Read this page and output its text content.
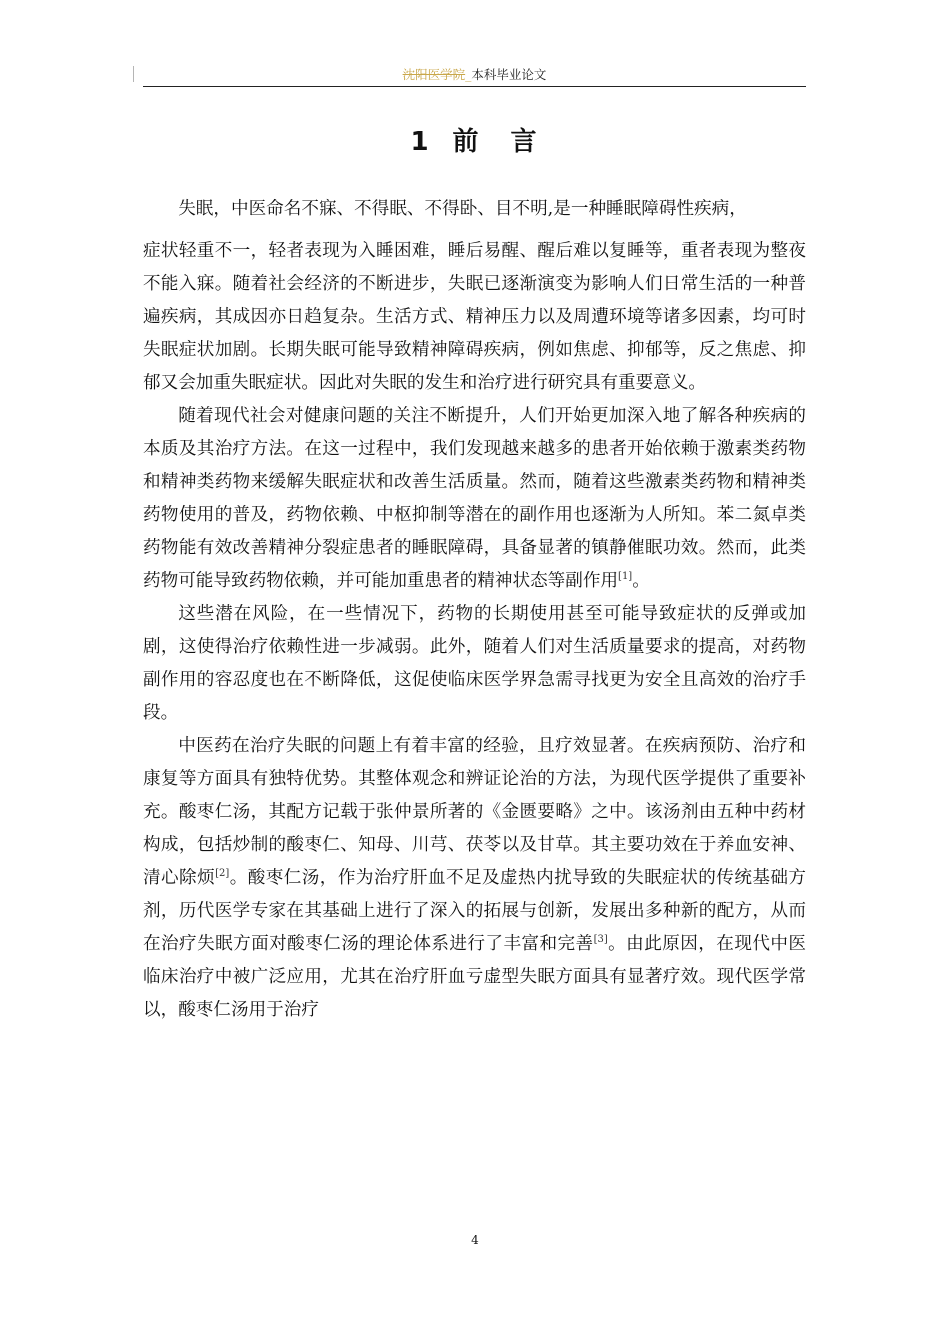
沈阳医学院_本科毕业论文
1 前 言

失眠，中医命名不寐、不得眠、不得卧、目不明,是一种睡眠障碍性疾病，
症状轻重不一，轻者表现为入睡困难，睡后易醒、醒后难以复睡等，重者表现为整夜不能入寐。随着社会经济的不断进步，失眠已逐渐演变为影响人们日常生活的一种普遍疾病，其成因亦日趋复杂。生活方式、精神压力以及周遭环境等诸多因素，均可时失眠症状加剧。长期失眠可能导致精神障碍疾病，例如焦虑、抑郁等，反之焦虑、抑郁又会加重失眠症状。因此对失眠的发生和治疗进行研究具有重要意义。

随着现代社会对健康问题的关注不断提升，人们开始更加深入地了解各种疾病的本质及其治疗方法。在这一过程中，我们发现越来越多的患者开始依赖于激素类药物和精神类药物来缓解失眠症状和改善生活质量。然而，随着这些激素类药物和精神类药物使用的普及，药物依赖、中枢抑制等潜在的副作用也逐渐为人所知。苯二氮卓类药物能有效改善精神分裂症患者的睡眠障碍，具备显著的镇静催眠功效。然而，此类药物可能导致药物依赖，并可能加重患者的精神状态等副作用[1]。

这些潜在风险，在一些情况下，药物的长期使用甚至可能导致症状的反弹或加剧，这使得治疗依赖性进一步减弱。此外，随着人们对生活质量要求的提高，对药物副作用的容忍度也在不断降低，这促使临床医学界急需寻找更为安全且高效的治疗手段。

中医药在治疗失眠的问题上有着丰富的经验，且疗效显著。在疾病预防、治疗和康复等方面具有独特优势。其整体观念和辨证论治的方法，为现代医学提供了重要补充。酸枣仁汤，其配方记载于张仲景所著的《金匮要略》之中。该汤剂由五种中药材构成，包括炒制的酸枣仁、知母、川芎、茯苓以及甘草。其主要功效在于养血安神、清心除烦[2]。酸枣仁汤，作为治疗肝血不足及虚热内扰导致的失眠症状的传统基础方剂，历代医学专家在其基础上进行了深入的拓展与创新，发展出多种新的配方，从而在治疗失眠方面对酸枣仁汤的理论体系进行了丰富和完善[3]。由此原因，在现代中医临床治疗中被广泛应用，尤其在治疗肝血亏虚型失眠方面具有显著疗效。现代医学常以，酸枣仁汤用于治疗

4
